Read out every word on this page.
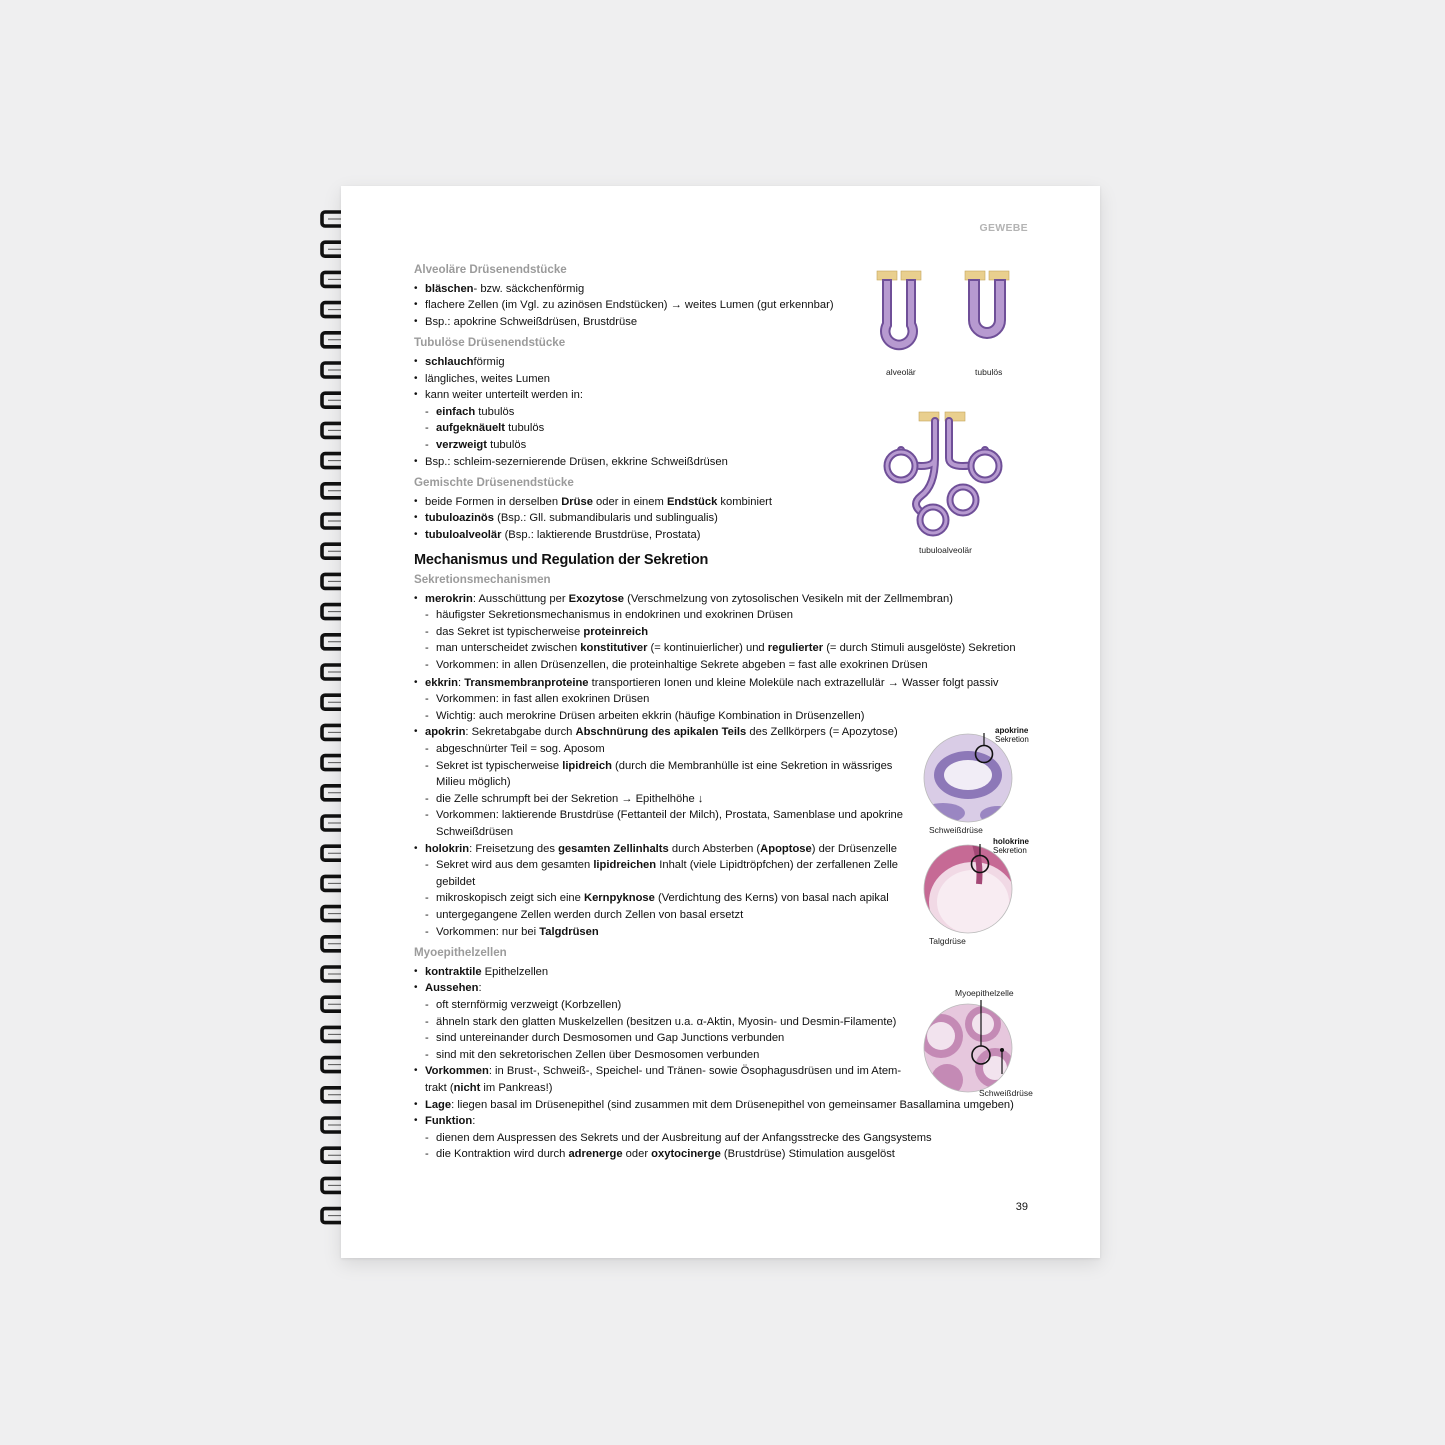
GEWEBE
Alveoläre Drüsenendstücke
• bläschen- bzw. säckchenförmig
• flachere Zellen (im Vgl. zu azinösen Endstücken) → weites Lumen (gut erkennbar)
• Bsp.: apokrine Schweißdrüsen, Brustdrüse
Tubulöse Drüsenendstücke
• schlauchförmig
• längliches, weites Lumen
• kann weiter unterteilt werden in:
- einfach tubulös
- aufgeknäuelt tubulös
- verzweigt tubulös
• Bsp.: schleim-sezernierende Drüsen, ekkrine Schweißdrüsen
Gemischte Drüsenendstücke
• beide Formen in derselben Drüse oder in einem Endstück kombiniert
• tubuloazinös (Bsp.: Gll. submandibularis und sublingualis)
• tubuloalveolär (Bsp.: laktierende Brustdrüse, Prostata)
Mechanismus und Regulation der Sekretion
Sekretionsmechanismen
• merokrin: Ausschüttung per Exozytose (Verschmelzung von zytosolischen Vesikeln mit der Zellmembran)
- häufigster Sekretionsmechanismus in endokrinen und exokrinen Drüsen
- das Sekret ist typischerweise proteinreich
- man unterscheidet zwischen konstitutiver (= kontinuierlicher) und regulierter (= durch Stimuli ausgelöste) Sekretion
- Vorkommen: in allen Drüsenzellen, die proteinhaltige Sekrete abgeben = fast alle exokrinen Drüsen
• ekkrin: Transmembranproteine transportieren Ionen und kleine Moleküle nach extrazellulär → Wasser folgt passiv
- Vorkommen: in fast allen exokrinen Drüsen
- Wichtig: auch merokrine Drüsen arbeiten ekkrin (häufige Kombination in Drüsenzellen)
• apokrin: Sekretabgabe durch Abschnürung des apikalen Teils des Zellkörpers (= Apozytose)
- abgeschnürter Teil = sog. Aposom
- Sekret ist typischerweise lipidreich (durch die Membranhülle ist eine Sekretion in wässriges Milieu möglich)
- die Zelle schrumpft bei der Sekretion → Epithelhöhe ↓
- Vorkommen: laktierende Brustdrüse (Fettanteil der Milch), Prostata, Samenblase und apokrine Schweißdrüsen
• holokrin: Freisetzung des gesamten Zellinhalts durch Absterben (Apoptose) der Drüsenzelle
- Sekret wird aus dem gesamten lipidreichen Inhalt (viele Lipidtröpfchen) der zerfallenen Zelle gebildet
- mikroskopisch zeigt sich eine Kernpyknose (Verdichtung des Kerns) von basal nach apikal
- untergegangene Zellen werden durch Zellen von basal ersetzt
- Vorkommen: nur bei Talgdrüsen
Myoepithelzellen
• kontraktile Epithelzellen
• Aussehen:
- oft sternförmig verzweigt (Korbzellen)
- ähneln stark den glatten Muskelzellen (besitzen u.a. α-Aktin, Myosin- und Desmin-Filamente)
- sind untereinander durch Desmosomen und Gap Junctions verbunden
- sind mit den sekretorischen Zellen über Desmosomen verbunden
• Vorkommen: in Brust-, Schweiß-, Speichel- und Tränen- sowie Ösophagusdrüsen und im Atem-trakt (nicht im Pankreas!)
• Lage: liegen basal im Drüsenepithel (sind zusammen mit dem Drüsenepithel von gemeinsamer Basallamina umgeben)
• Funktion:
- dienen dem Auspressen des Sekrets und der Ausbreitung auf der Anfangsstrecke des Gangsystems
- die Kontraktion wird durch adrenerge oder oxytocinerge (Brustdrüse) Stimulation ausgelöst
alveolär	tubulös
tubuloalveolär
apokrine
Sekretion
Schweißdrüse
holokrine
Sekretion
Talgdrüse
Myoepithelzelle
Schweißdrüse
39
